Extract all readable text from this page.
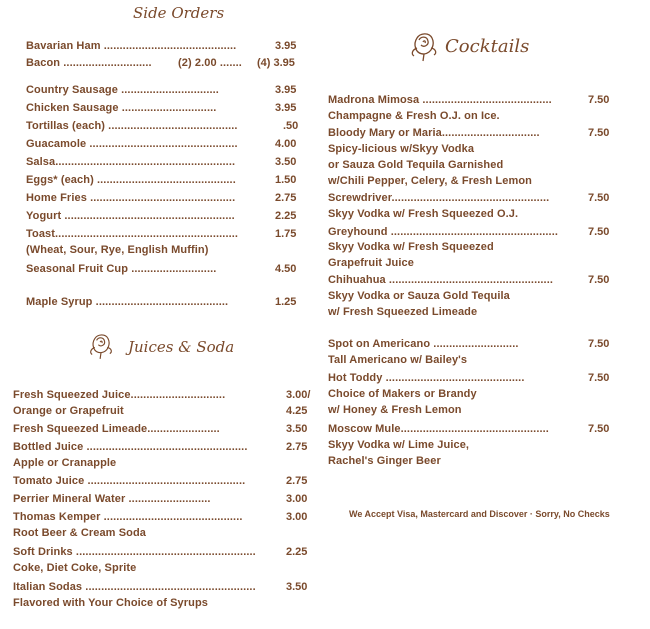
Side Orders
Cocktails
Juices & Soda
Bavarian Ham ..........................................	3.95
Bacon ............................ (2) 2.00 ....... (4) 3.95
Country Sausage ...............................	3.95
Chicken Sausage ..............................	3.95
Tortillas (each) .........................................	.50
Guacamole ...............................................	4.00
Salsa.........................................................	3.50
Eggs* (each) ............................................	1.50
Home Fries ..............................................	2.75
Yogurt ......................................................	2.25
Toast..........................................................	1.75
(Wheat, Sour, Rye, English Muffin)
Seasonal Fruit Cup ...........................	4.50
Maple Syrup ..........................................	1.25
Fresh Squeezed Juice..............................	3.00/
Orange or Grapefruit	4.25
Fresh Squeezed Limeade.......................	3.50
Bottled Juice ...................................................	2.75
Apple or Cranapple
Tomato Juice ..................................................	2.75
Perrier Mineral Water ..........................	3.00
Thomas Kemper ............................................	3.00
Root Beer & Cream Soda
Soft Drinks .........................................................	2.25
Coke, Diet Coke, Sprite
Italian Sodas ......................................................	3.50
Flavored with Your Choice of Syrups
Madrona Mimosa .........................................	7.50
Champagne & Fresh O.J. on Ice.
Bloody Mary or Maria...............................	7.50
Spicy-licious w/Skyy Vodka
or Sauza Gold Tequila Garnished
w/Chili Pepper, Celery, & Fresh Lemon
Screwdriver..................................................	7.50
Skyy Vodka w/ Fresh Squeezed O.J.
Greyhound .....................................................	7.50
Skyy Vodka w/ Fresh Squeezed
Grapefruit Juice
Chihuahua ....................................................	7.50
Skyy Vodka or Sauza Gold Tequila
w/ Fresh Squeezed Limeade
Spot on Americano ...........................	7.50
Tall Americano w/ Bailey's
Hot Toddy ............................................	7.50
Choice of Makers or Brandy
w/ Honey & Fresh Lemon
Moscow Mule...............................................	7.50
Skyy Vodka w/ Lime Juice,
Rachel's Ginger Beer
We Accept Visa, Mastercard and Discover · Sorry, No Checks
